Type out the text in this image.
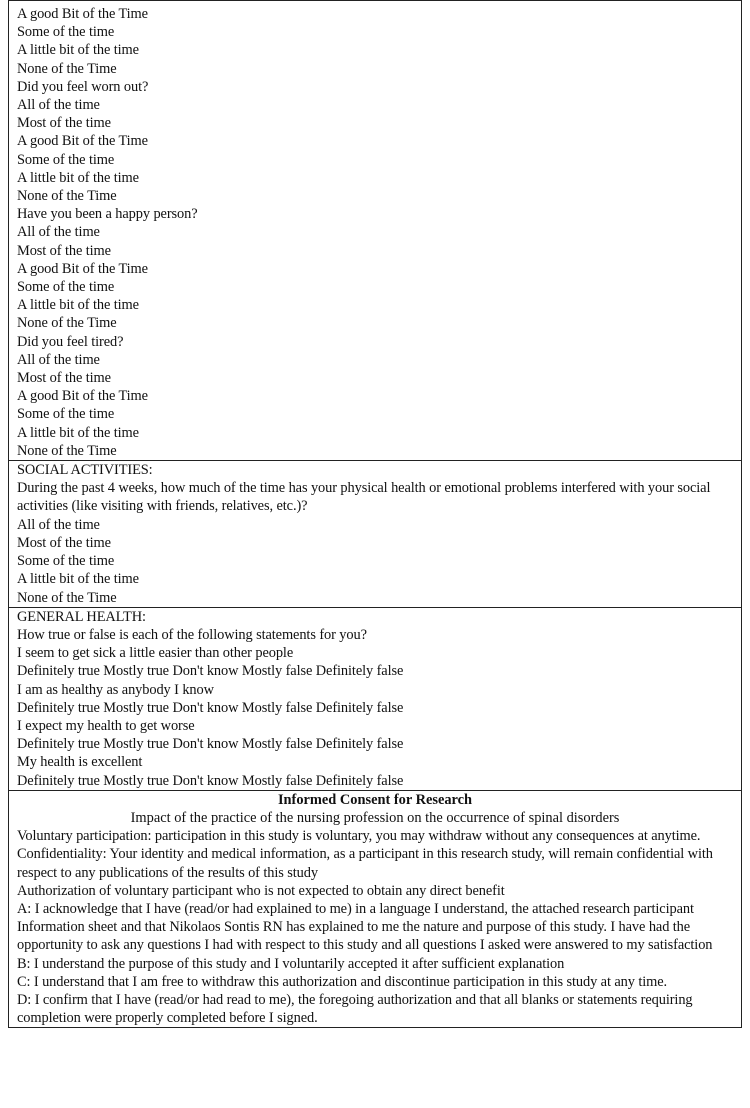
A good Bit of the Time
Some of the time
A little bit of the time
None of the Time
Did you feel worn out?
All of the time
Most of the time
A good Bit of the Time
Some of the time
A little bit of the time
None of the Time
Have you been a happy person?
All of the time
Most of the time
A good Bit of the Time
Some of the time
A little bit of the time
None of the Time
Did you feel tired?
All of the time
Most of the time
A good Bit of the Time
Some of the time
A little bit of the time
None of the Time

SOCIAL ACTIVITIES:
During the past 4 weeks, how much of the time has your physical health or emotional problems interfered with your social activities (like visiting with friends, relatives, etc.)?
All of the time
Most of the time
Some of the time
A little bit of the time
None of the Time

GENERAL HEALTH:
How true or false is each of the following statements for you?
I seem to get sick a little easier than other people
Definitely true Mostly true Don't know Mostly false Definitely false
I am as healthy as anybody I know
Definitely true Mostly true Don't know Mostly false Definitely false
I expect my health to get worse
Definitely true Mostly true Don't know Mostly false Definitely false
My health is excellent
Definitely true Mostly true Don't know Mostly false Definitely false

Informed Consent for Research
Impact of the practice of the nursing profession on the occurrence of spinal disorders
Voluntary participation: participation in this study is voluntary, you may withdraw without any consequences at anytime.
Confidentiality: Your identity and medical information, as a participant in this research study, will remain confidential with respect to any publications of the results of this study
Authorization of voluntary participant who is not expected to obtain any direct benefit
A: I acknowledge that I have (read/or had explained to me) in a language I understand, the attached research participant Information sheet and that Nikolaos Sontis RN has explained to me the nature and purpose of this study. I have had the opportunity to ask any questions I had with respect to this study and all questions I asked were answered to my satisfaction
B: I understand the purpose of this study and I voluntarily accepted it after sufficient explanation
C: I understand that I am free to withdraw this authorization and discontinue participation in this study at any time.
D: I confirm that I have (read/or had read to me), the foregoing authorization and that all blanks or statements requiring completion were properly completed before I signed.
